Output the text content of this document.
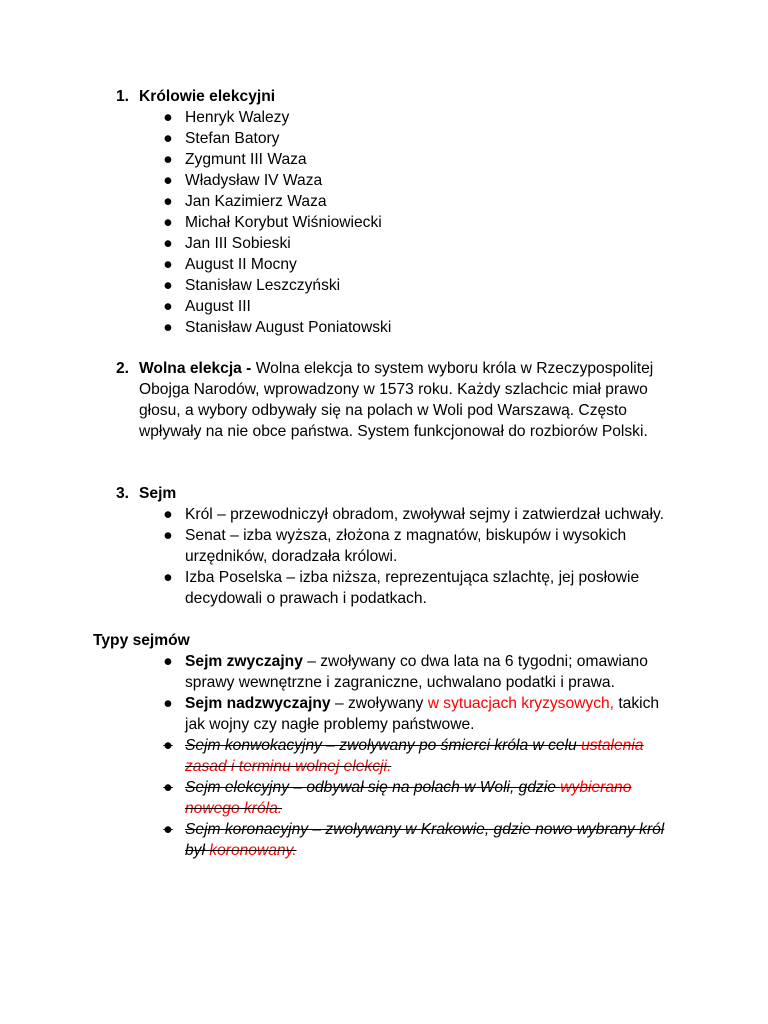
1. Królowie elekcyjni
● Henryk Walezy
● Stefan Batory
● Zygmunt III Waza
● Władysław IV Waza
● Jan Kazimierz Waza
● Michał Korybut Wiśniowiecki
● Jan III Sobieski
● August II Mocny
● Stanisław Leszczyński
● August III
● Stanisław August Poniatowski
2. Wolna elekcja - Wolna elekcja to system wyboru króla w Rzeczypospolitej Obojga Narodów, wprowadzony w 1573 roku. Każdy szlachcic miał prawo głosu, a wybory odbywały się na polach w Woli pod Warszawą. Często wpływały na nie obce państwa. System funkcjonował do rozbiorów Polski.
3. Sejm
● Król – przewodniczył obradom, zwoływał sejmy i zatwierdzał uchwały.
● Senat – izba wyższa, złożona z magnatów, biskupów i wysokich urzędników, doradzała królowi.
● Izba Poselska – izba niższa, reprezentująca szlachtę, jej posłowie decydowali o prawach i podatkach.
Typy sejmów
● Sejm zwyczajny – zwoływany co dwa lata na 6 tygodni; omawiano sprawy wewnętrzne i zagraniczne, uchwalano podatki i prawa.
● Sejm nadzwyczajny – zwoływany w sytuacjach kryzysowych, takich jak wojny czy nagłe problemy państwowe.
● Sejm konwokacyjny – zwoływany po śmierci króla w celu ustalenia zasad i terminu wolnej elekcji.
● Sejm elekcyjny – odbywał się na polach w Woli, gdzie wybierano nowego króla.
● Sejm koronacyjny – zwoływany w Krakowie, gdzie nowo wybrany król był koronowany.
